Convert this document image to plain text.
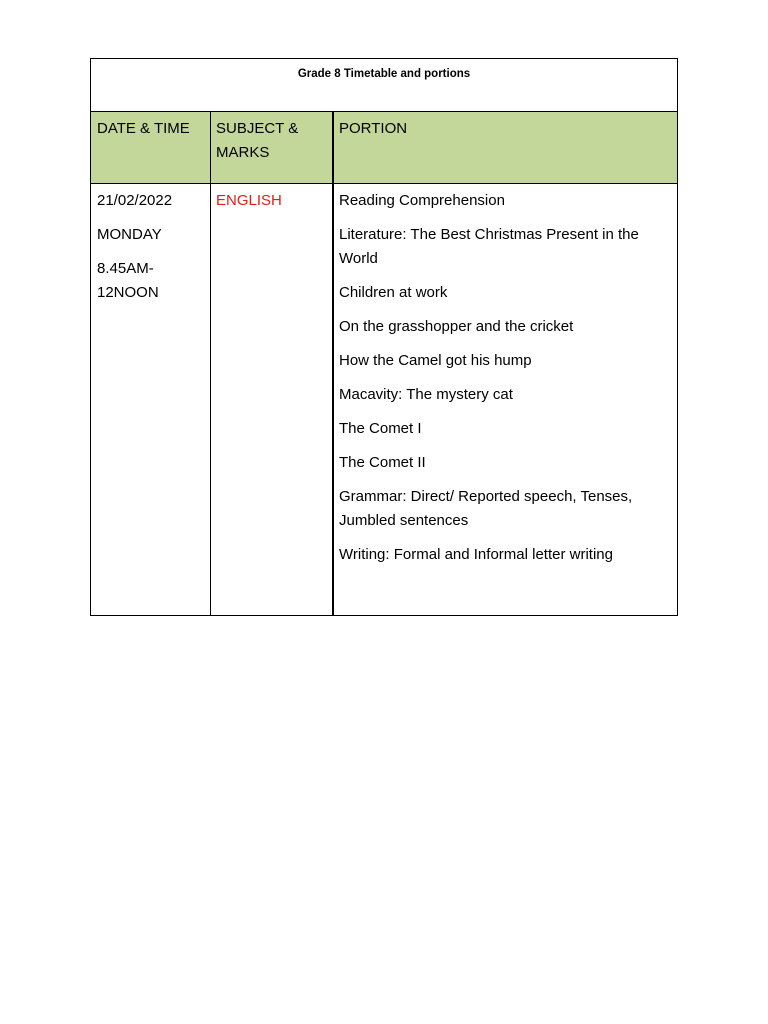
Grade 8 Timetable and portions
DATE & TIME	SUBJECT & MARKS
PORTION

21/02/2022

MONDAY

8.45AM-12NOON

ENGLISH	Reading Comprehension

Literature: The Best Christmas Present in the World

Children at work

On the grasshopper and the cricket

How the Camel got his hump

Macavity: The mystery cat

The Comet I

The Comet II

Grammar: Direct/ Reported speech, Tenses, Jumbled sentences

Writing: Formal and Informal letter writing
